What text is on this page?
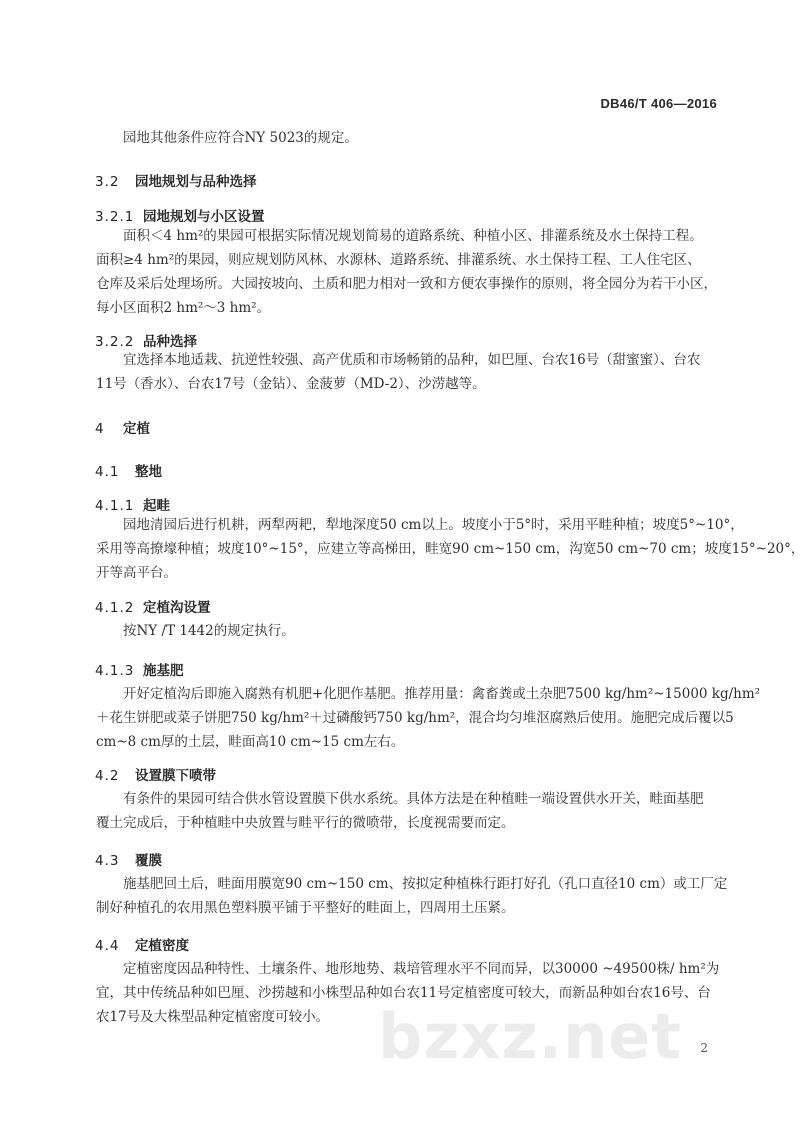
DB46/T 406—2016
园地其他条件应符合NY 5023的规定。
3.2 园地规划与品种选择
3.2.1 园地规划与小区设置
面积＜4 hm²的果园可根据实际情况规划简易的道路系统、种植小区、排灌系统及水土保持工程。
面积≥4 hm²的果园，则应规划防风林、水源林、道路系统、排灌系统、水土保持工程、工人住宅区、
仓库及采后处理场所。大园按坡向、土质和肥力相对一致和方便农事操作的原则，将全园分为若干小区，
每小区面积2 hm²～3 hm²。
3.2.2 品种选择
宜选择本地适栽、抗逆性较强、高产优质和市场畅销的品种，如巴厘、台农16号（甜蜜蜜）、台农
11号（香水）、台农17号（金钻）、金菠萝（MD-2）、沙涝越等。
4 定植
4.1 整地
4.1.1 起畦
园地清园后进行机耕，两犁两耙，犁地深度50 cm以上。坡度小于5°时，采用平畦种植；坡度5°~10°，
采用等高撩壕种植；坡度10°~15°，应建立等高梯田，畦宽90 cm~150 cm，沟宽50 cm~70 cm；坡度15°~20°，
开等高平台。
4.1.2 定植沟设置
按NY /T 1442的规定执行。
4.1.3 施基肥
开好定植沟后即施入腐熟有机肥+化肥作基肥。推荐用量：禽畜粪或土杂肥7500 kg/hm²~15000 kg/hm²
＋花生饼肥或菜子饼肥750 kg/hm²＋过磷酸钙750 kg/hm²，混合均匀堆沤腐熟后使用。施肥完成后覆以5
cm~8 cm厚的土层，畦面高10 cm~15 cm左右。
4.2 设置膜下喷带
有条件的果园可结合供水管设置膜下供水系统。具体方法是在种植畦一端设置供水开关，畦面基肥
覆土完成后，于种植畦中央放置与畦平行的微喷带，长度视需要而定。
4.3 覆膜
施基肥回土后，畦面用膜宽90 cm~150 cm、按拟定种植株行距打好孔（孔口直径10 cm）或工厂定
制好种植孔的农用黑色塑料膜平铺于平整好的畦面上，四周用土压紧。
4.4 定植密度
定植密度因品种特性、土壤条件、地形地势、栽培管理水平不同而异，以30000 ~49500株/ hm²为
宜，其中传统品种如巴厘、沙捞越和小株型品种如台农11号定植密度可较大，而新品种如台农16号、台
农17号及大株型品种定植密度可较小。
2
bzxz.net
